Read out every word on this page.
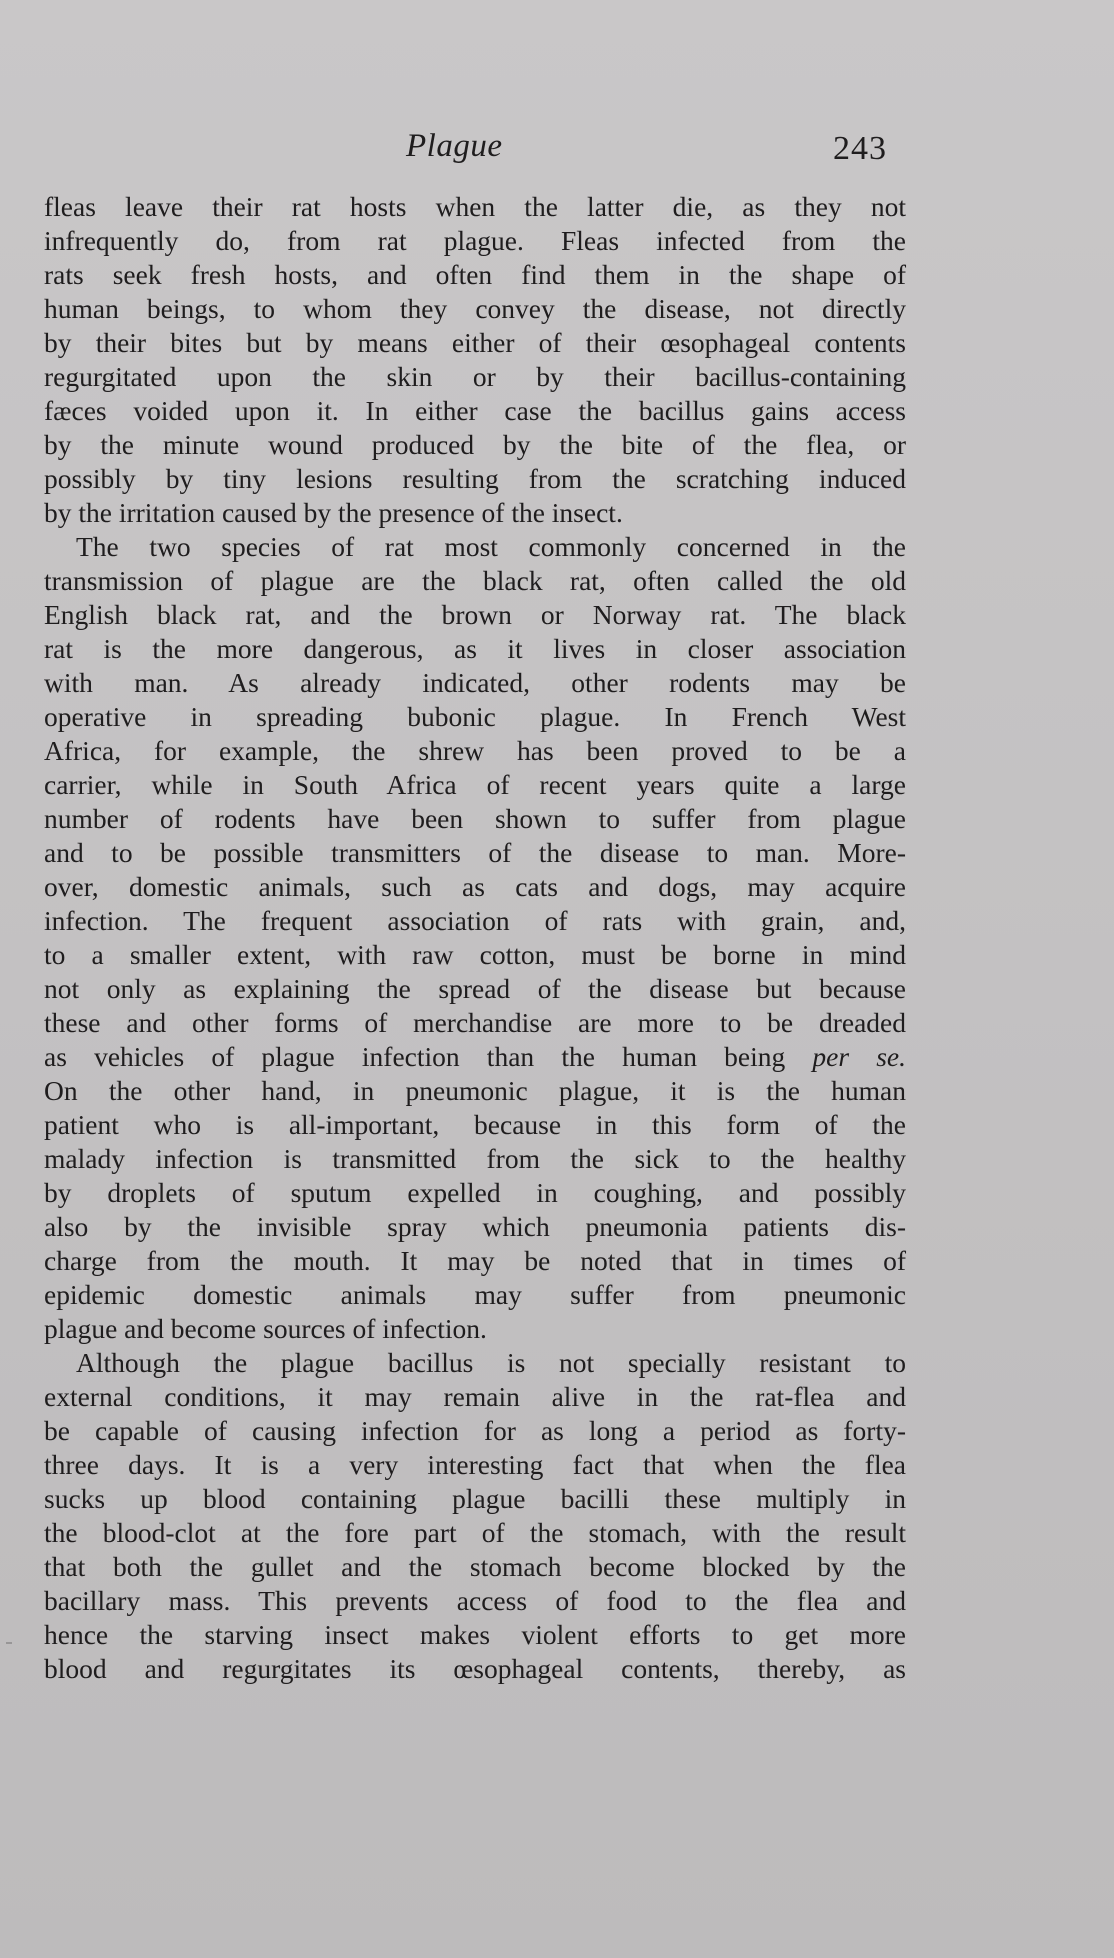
Plague	243
fleas leave their rat hosts when the latter die, as they not
infrequently do, from rat plague. Fleas infected from the
rats seek fresh hosts, and often find them in the shape of
human beings, to whom they convey the disease, not directly
by their bites but by means either of their œsophageal contents
regurgitated upon the skin or by their bacillus-containing
fæces voided upon it. In either case the bacillus gains access
by the minute wound produced by the bite of the flea, or
possibly by tiny lesions resulting from the scratching induced
by the irritation caused by the presence of the insect.
The two species of rat most commonly concerned in the
transmission of plague are the black rat, often called the old
English black rat, and the brown or Norway rat. The black
rat is the more dangerous, as it lives in closer association
with man. As already indicated, other rodents may be
operative in spreading bubonic plague. In French West
Africa, for example, the shrew has been proved to be a
carrier, while in South Africa of recent years quite a large
number of rodents have been shown to suffer from plague
and to be possible transmitters of the disease to man. More-
over, domestic animals, such as cats and dogs, may acquire
infection. The frequent association of rats with grain, and,
to a smaller extent, with raw cotton, must be borne in mind
not only as explaining the spread of the disease but because
these and other forms of merchandise are more to be dreaded
as vehicles of plague infection than the human being per se.
On the other hand, in pneumonic plague, it is the human
patient who is all-important, because in this form of the
malady infection is transmitted from the sick to the healthy
by droplets of sputum expelled in coughing, and possibly
also by the invisible spray which pneumonia patients dis-
charge from the mouth. It may be noted that in times of
epidemic domestic animals may suffer from pneumonic
plague and become sources of infection.
Although the plague bacillus is not specially resistant to
external conditions, it may remain alive in the rat-flea and
be capable of causing infection for as long a period as forty-
three days. It is a very interesting fact that when the flea
sucks up blood containing plague bacilli these multiply in
the blood-clot at the fore part of the stomach, with the result
that both the gullet and the stomach become blocked by the
bacillary mass. This prevents access of food to the flea and
hence the starving insect makes violent efforts to get more
blood and regurgitates its œsophageal contents, thereby, as
